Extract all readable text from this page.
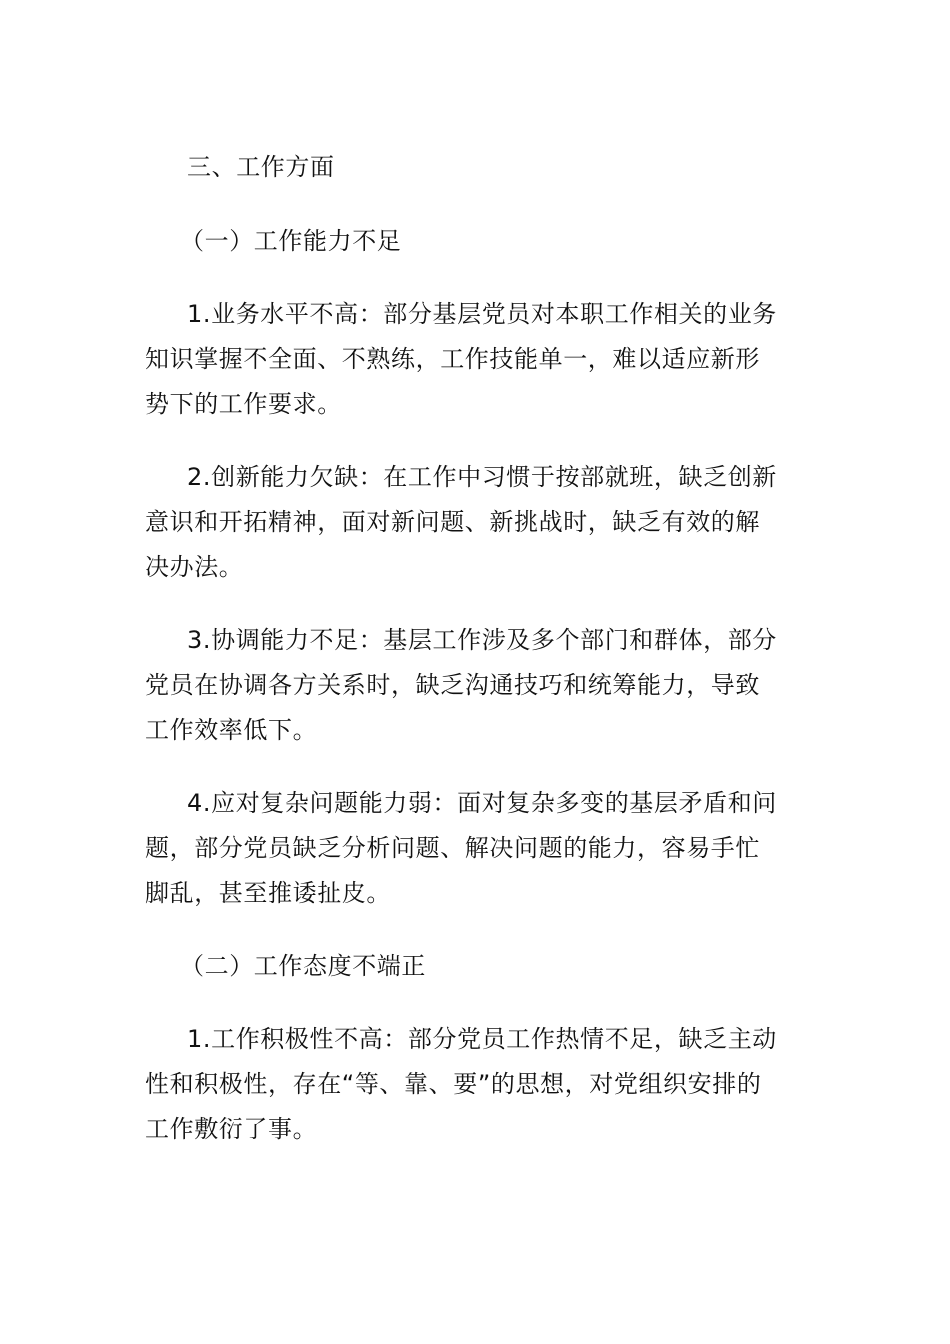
三、工作方面
（一）工作能力不足
1.业务水平不高：部分基层党员对本职工作相关的业务
知识掌握不全面、不熟练，工作技能单一，难以适应新形
势下的工作要求。
2.创新能力欠缺：在工作中习惯于按部就班，缺乏创新
意识和开拓精神，面对新问题、新挑战时，缺乏有效的解
决办法。
3.协调能力不足：基层工作涉及多个部门和群体，部分
党员在协调各方关系时，缺乏沟通技巧和统筹能力，导致
工作效率低下。
4.应对复杂问题能力弱：面对复杂多变的基层矛盾和问
题，部分党员缺乏分析问题、解决问题的能力，容易手忙
脚乱，甚至推诿扯皮。
（二）工作态度不端正
1.工作积极性不高：部分党员工作热情不足，缺乏主动
性和积极性，存在“等、靠、要”的思想，对党组织安排的
工作敷衍了事。
